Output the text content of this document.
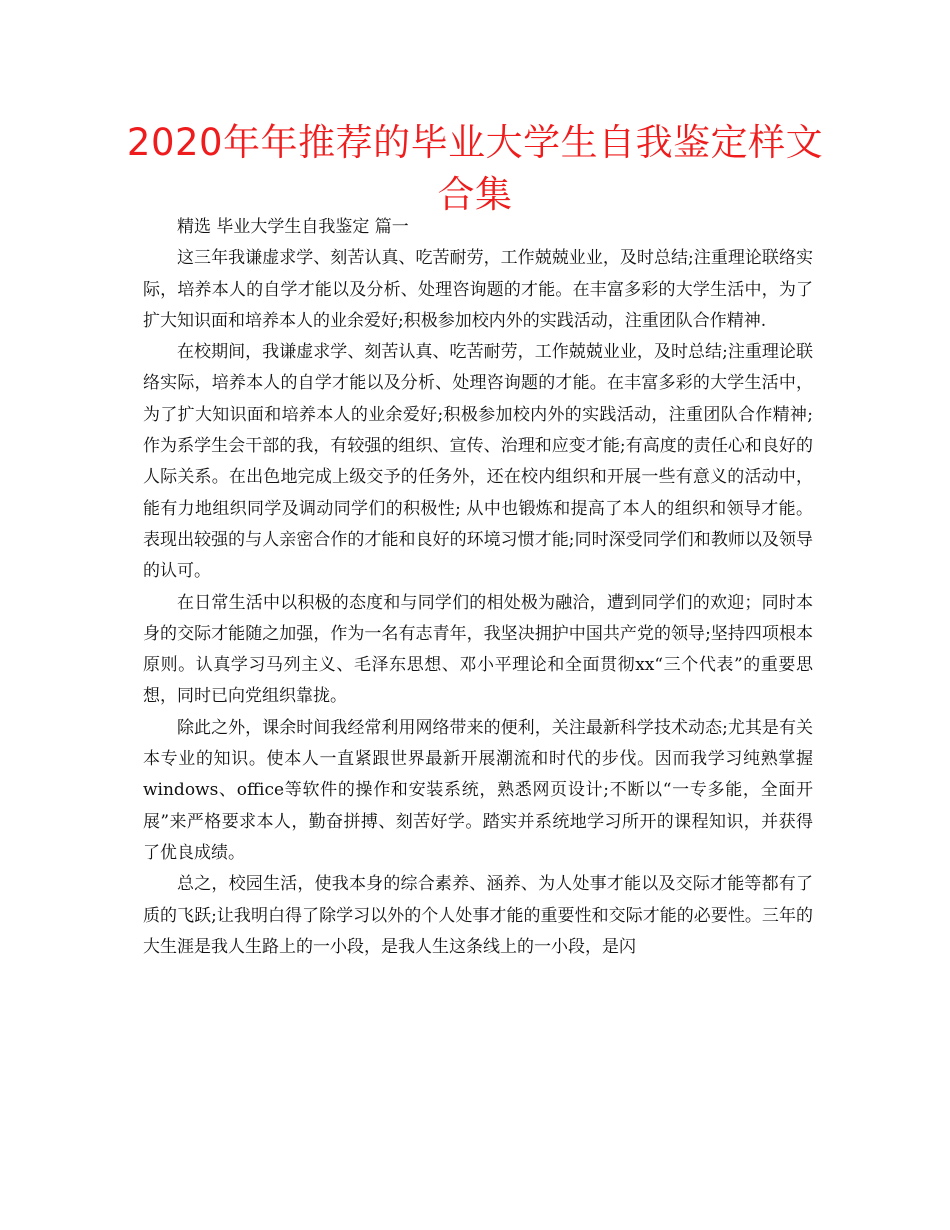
2020年年推荐的毕业大学生自我鉴定样文
合集

精选 毕业大学生自我鉴定 篇一

这三年我谦虚求学、刻苦认真、吃苦耐劳，工作兢兢业业，及时总结;注重理论联络实际，培养本人的自学才能以及分析、处理咨询题的才能。在丰富多彩的大学生活中，为了扩大知识面和培养本人的业余爱好;积极参加校内外的实践活动，注重团队合作精神.

在校期间，我谦虚求学、刻苦认真、吃苦耐劳，工作兢兢业业，及时总结;注重理论联络实际，培养本人的自学才能以及分析、处理咨询题的才能。在丰富多彩的大学生活中，为了扩大知识面和培养本人的业余爱好;积极参加校内外的实践活动，注重团队合作精神;作为系学生会干部的我，有较强的组织、宣传、治理和应变才能;有高度的责任心和良好的人际关系。在出色地完成上级交予的任务外，还在校内组织和开展一些有意义的活动中，能有力地组织同学及调动同学们的积极性; 从中也锻炼和提高了本人的组织和领导才能。表现出较强的与人亲密合作的才能和良好的环境习惯才能;同时深受同学们和教师以及领导的认可。

在日常生活中以积极的态度和与同学们的相处极为融洽，遭到同学们的欢迎；同时本身的交际才能随之加强，作为一名有志青年，我坚决拥护中国共产党的领导;坚持四项根本原则。认真学习马列主义、毛泽东思想、邓小平理论和全面贯彻xx“三个代表”的重要思想，同时已向党组织靠拢。

除此之外，课余时间我经常利用网络带来的便利，关注最新科学技术动态;尤其是有关本专业的知识。使本人一直紧跟世界最新开展潮流和时代的步伐。因而我学习纯熟掌握 windows、office等软件的操作和安装系统，熟悉网页设计;不断以“一专多能，全面开展”来严格要求本人，勤奋拼搏、刻苦好学。踏实并系统地学习所开的课程知识，并获得了优良成绩。

总之，校园生活，使我本身的综合素养、涵养、为人处事才能以及交际才能等都有了质的飞跃;让我明白得了除学习以外的个人处事才能的重要性和交际才能的必要性。三年的大生涯是我人生路上的一小段，是我人生这条线上的一小段，是闪
